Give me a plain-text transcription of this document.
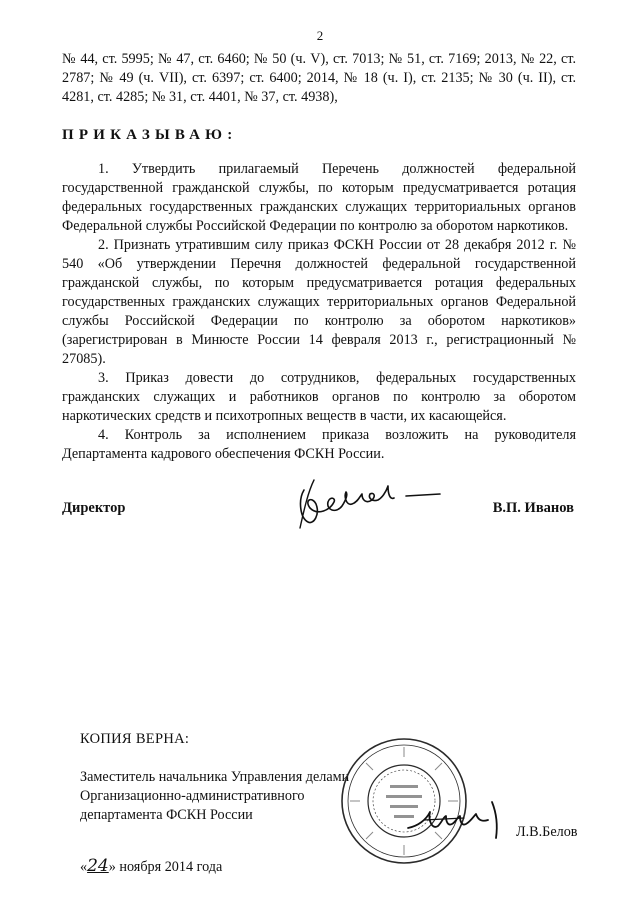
2
№ 44, ст. 5995; № 47, ст. 6460; № 50 (ч. V), ст. 7013; № 51, ст. 7169; 2013, № 22, ст. 2787; № 49 (ч. VII), ст. 6397; ст. 6400; 2014, № 18 (ч. I), ст. 2135; № 30 (ч. II), ст. 4281, ст. 4285; № 31, ст. 4401, № 37, ст. 4938),
ПРИКАЗЫВАЮ:

1. Утвердить прилагаемый Перечень должностей федеральной государственной гражданской службы, по которым предусматривается ротация федеральных государственных гражданских служащих территориальных органов Федеральной службы Российской Федерации по контролю за оборотом наркотиков.

2. Признать утратившим силу приказ ФСКН России от 28 декабря 2012 г. № 540 «Об утверждении Перечня должностей федеральной государственной гражданской службы, по которым предусматривается ротация федеральных государственных гражданских служащих территориальных органов Федеральной службы Российской Федерации по контролю за оборотом наркотиков» (зарегистрирован в Минюсте России 14 февраля 2013 г., регистрационный № 27085).

3. Приказ довести до сотрудников, федеральных государственных гражданских служащих и работников органов по контролю за оборотом наркотических средств и психотропных веществ в части, их касающейся.

4. Контроль за исполнением приказа возложить на руководителя Департамента кадрового обеспечения ФСКН России.

Директор	В.П. Иванов
КОПИЯ ВЕРНА:
Заместитель начальника Управления делами
Организационно-административного
департамента ФСКН России
Л.В.Белов
«24» ноября 2014 года
